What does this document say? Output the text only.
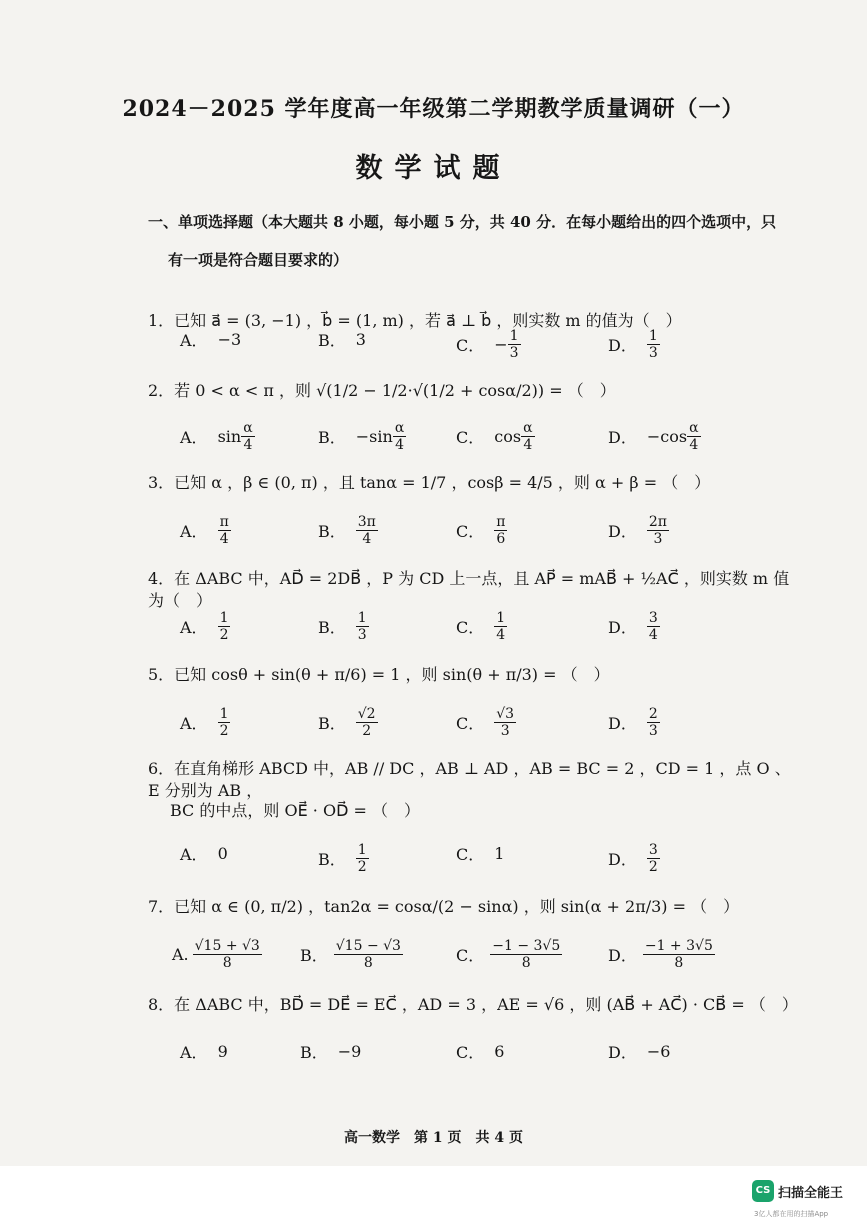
2024－2025 学年度高一年级第二学期教学质量调研（一）
数学试题
一、单项选择题（本大题共 8 小题，每小题 5 分，共 40 分．在每小题给出的四个选项中，只
有一项是符合题目要求的）
1．已知 a⃗ = (3, −1) ，b⃗ = (1, m) ，若 a⃗ ⊥ b⃗ ，则实数 m 的值为（　）
A． −3	B． 3	C． − $\frac{1}{3}$	D． $\frac{1}{3}$
2．若 0 < α < π ，则 √(1/2 − 1/2·√(1/2 + cosα/2)) = （　）
A． $\sin \frac{\alpha}{4}$	B． $-\sin \frac{\alpha}{4}$	C． $\cos \frac{\alpha}{4}$	D． $-\cos \frac{\alpha}{4}$
3．已知 α ，β ∈ (0, π) ，且 tanα = 1/7 ，cosβ = 4/5 ，则 α + β = （　）
A． $\frac{\pi}{4}$	B． $\frac{3\pi}{4}$	C． $\frac{\pi}{6}$	D． $\frac{2\pi}{3}$
4．在 ΔABC 中，AD⃗ = 2DB⃗ ，P 为 CD 上一点，且 AP⃗ = mAB⃗ + ½AC⃗ ，则实数 m 值为（　）
A． $\frac{1}{2}$	B． $\frac{1}{3}$	C． $\frac{1}{4}$	D． $\frac{3}{4}$
5．已知 cosθ + sin(θ + π/6) = 1 ，则 sin(θ + π/3) = （　）
A． $\frac{1}{2}$	B． $\frac{√2}{2}$	C． $\frac{√3}{3}$	D． $\frac{2}{3}$
6．在直角梯形 ABCD 中，AB // DC ，AB ⊥ AD ，AB = BC = 2 ，CD = 1 ，点 O 、E 分别为 AB ，
BC 的中点，则 OE⃗ · OD⃗ = （　）
A． 0	B． $\frac{1}{2}$	C． 1	D． $\frac{3}{2}$
7．已知 α ∈ (0, π/2) ，tan2α = cosα/(2 − sinα) ，则 sin(α + 2π/3) = （　）
A. $\frac{√15 + √3}{8}$ B． $\frac{√15 - √3}{8}$	C． $\frac{-1 - 3√5}{8}$	D． $\frac{-1 + 3√5}{8}$
8．在 ΔABC 中，BD⃗ = DE⃗ = EC⃗ ，AD = 3 ，AE = √6 ，则 (AB⃗ + AC⃗) · CB⃗ = （　）
A． 9	B． −9	C． 6	D． −6
高一数学　第 1 页　共 4 页
CS 扫描全能王
3亿人都在用的扫描App
